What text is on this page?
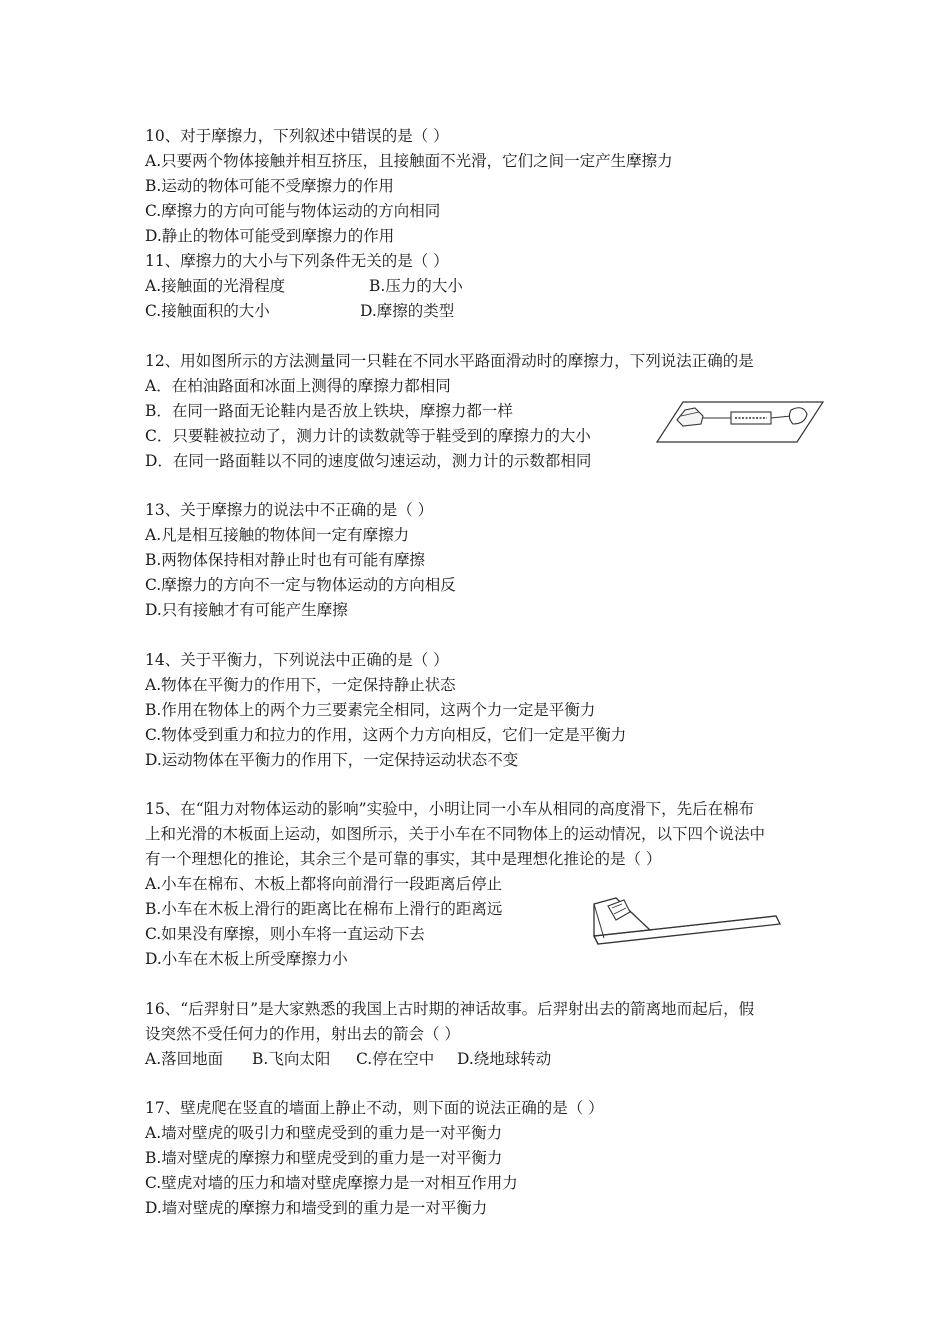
10、对于摩擦力，下列叙述中错误的是（ ）
A.只要两个物体接触并相互挤压，且接触面不光滑，它们之间一定产生摩擦力
B.运动的物体可能不受摩擦力的作用
C.摩擦力的方向可能与物体运动的方向相同
D.静止的物体可能受到摩擦力的作用
11、摩擦力的大小与下列条件无关的是（ ）
A.接触面的光滑程度	B.压力的大小
C.接触面积的大小	D.摩擦的类型
12、用如图所示的方法测量同一只鞋在不同水平路面滑动时的摩擦力，下列说法正确的是
A．在柏油路面和冰面上测得的摩擦力都相同
B．在同一路面无论鞋内是否放上铁块，摩擦力都一样
C．只要鞋被拉动了，测力计的读数就等于鞋受到的摩擦力的大小
D．在同一路面鞋以不同的速度做匀速运动，测力计的示数都相同
13、关于摩擦力的说法中不正确的是（ ）
A.凡是相互接触的物体间一定有摩擦力
B.两物体保持相对静止时也有可能有摩擦
C.摩擦力的方向不一定与物体运动的方向相反
D.只有接触才有可能产生摩擦
14、关于平衡力，下列说法中正确的是（ ）
A.物体在平衡力的作用下，一定保持静止状态
B.作用在物体上的两个力三要素完全相同，这两个力一定是平衡力
C.物体受到重力和拉力的作用，这两个力方向相反，它们一定是平衡力
D.运动物体在平衡力的作用下，一定保持运动状态不变
15、在“阻力对物体运动的影响”实验中，小明让同一小车从相同的高度滑下，先后在棉布
上和光滑的木板面上运动，如图所示，关于小车在不同物体上的运动情况，以下四个说法中
有一个理想化的推论，其余三个是可靠的事实，其中是理想化推论的是（ ）
A.小车在棉布、木板上都将向前滑行一段距离后停止
B.小车在木板上滑行的距离比在棉布上滑行的距离远
C.如果没有摩擦，则小车将一直运动下去
D.小车在木板上所受摩擦力小
16、“后羿射日”是大家熟悉的我国上古时期的神话故事。后羿射出去的箭离地而起后，假
设突然不受任何力的作用，射出去的箭会（ ）
A.落回地面 B.飞向太阳 C.停在空中 D.绕地球转动
17、壁虎爬在竖直的墙面上静止不动，则下面的说法正确的是（ ）
A.墙对壁虎的吸引力和壁虎受到的重力是一对平衡力
B.墙对壁虎的摩擦力和壁虎受到的重力是一对平衡力
C.壁虎对墙的压力和墙对壁虎摩擦力是一对相互作用力
D.墙对壁虎的摩擦力和墙受到的重力是一对平衡力
